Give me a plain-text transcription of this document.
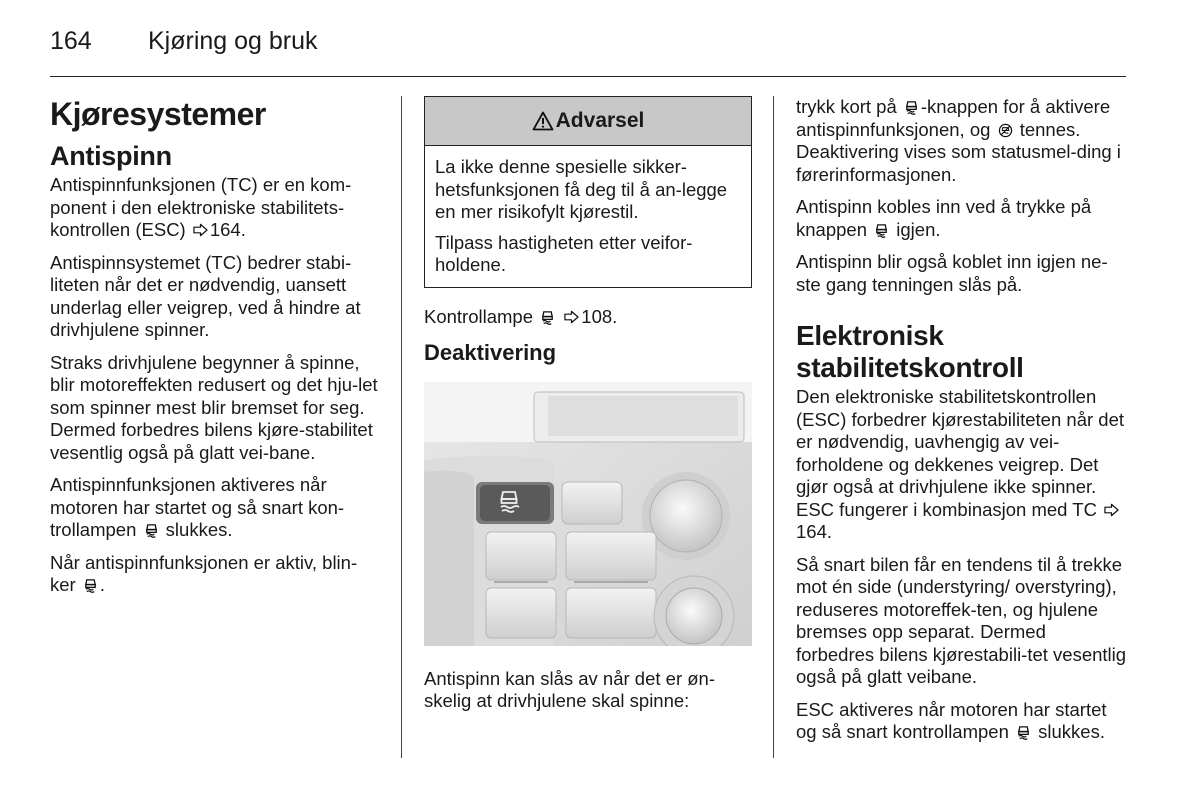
164 Kjøring og bruk
Kjøresystemer
Antispinn

Antispinnfunksjonen (TC) er en kom-ponent i den elektroniske stabilitets-kontrollen (ESC) 164.

Antispinnsystemet (TC) bedrer stabi-liteten når det er nødvendig, uansett underlag eller veigrep, ved å hindre at drivhjulene spinner.

Straks drivhjulene begynner å spinne, blir motoreffekten redusert og det hju-let som spinner mest blir bremset for seg. Dermed forbedres bilens kjøre-stabilitet vesentlig også på glatt vei-bane.

Antispinnfunksjonen aktiveres når motoren har startet og så snart kon-trollampen slukkes.

Når antispinnfunksjonen er aktiv, blin-ker .

Advarsel

La ikke denne spesielle sikker-hetsfunksjonen få deg til å an-legge en mer risikofylt kjørestil.

Tilpass hastigheten etter veifor-holdene.

Kontrollampe	108.

Deaktivering

Antispinn kan slås av når det er øn-skelig at drivhjulene skal spinne:

trykk kort på -knappen for å aktivere antispinnfunksjonen, og tennes. Deaktivering vises som statusmel-ding i førerinformasjonen.

Antispinn kobles inn ved å trykke på knappen igjen.

Antispinn blir også koblet inn igjen ne-ste gang tenningen slås på.

Elektronisk stabilitetskontroll

Den elektroniske stabilitetskontrollen (ESC) forbedrer kjørestabiliteten når det er nødvendig, uavhengig av vei-forholdene og dekkenes veigrep. Det gjør også at drivhjulene ikke spinner. ESC fungerer i kombinasjon med TC 164.

Så snart bilen får en tendens til å trekke mot én side (understyring/ overstyring), reduseres motoreffek-ten, og hjulene bremses opp separat. Dermed forbedres bilens kjørestabili-tet vesentlig også på glatt veibane.

ESC aktiveres når motoren har startet og så snart kontrollampen slukkes.
